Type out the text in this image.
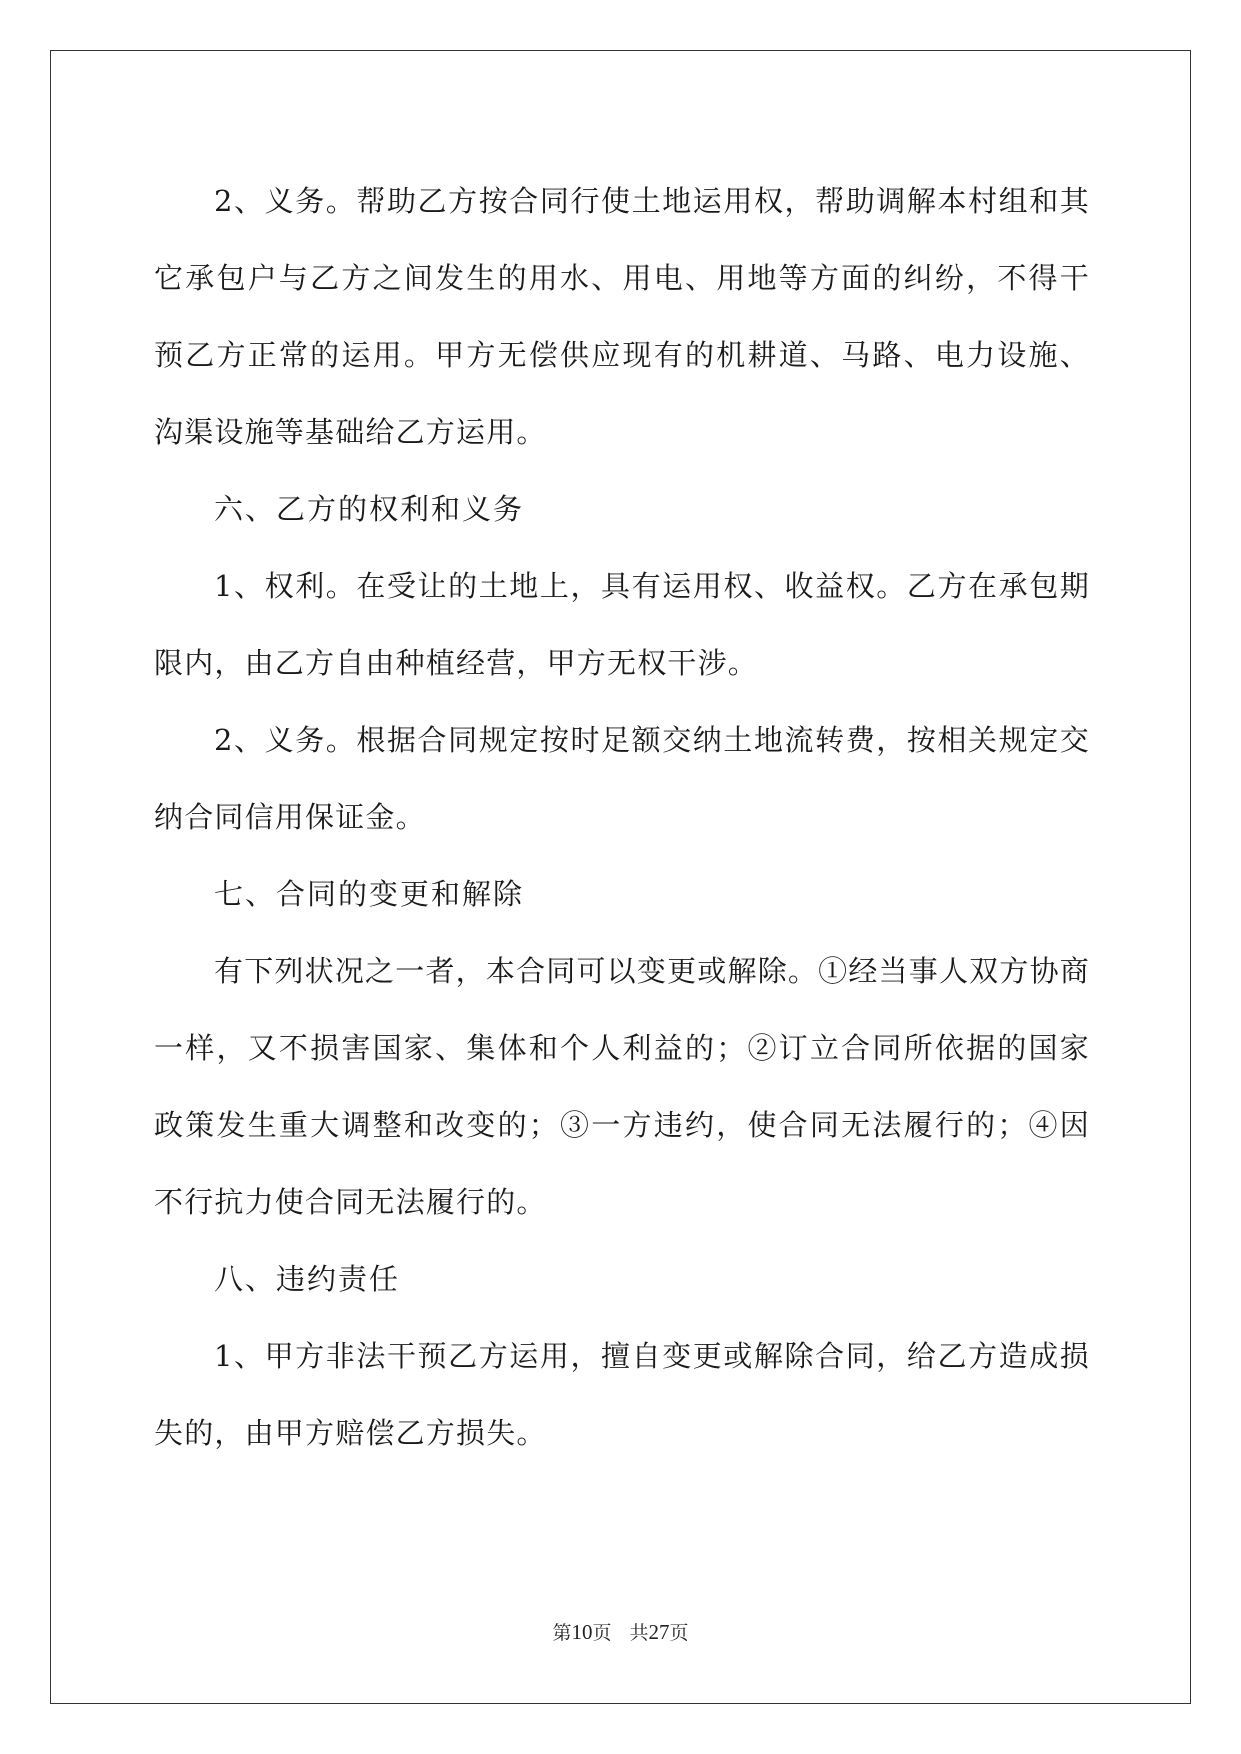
2、义务。帮助乙方按合同行使土地运用权，帮助调解本村组和其它承包户与乙方之间发生的用水、用电、用地等方面的纠纷，不得干预乙方正常的运用。甲方无偿供应现有的机耕道、马路、电力设施、沟渠设施等基础给乙方运用。

六、乙方的权利和义务

1、权利。在受让的土地上，具有运用权、收益权。乙方在承包期限内，由乙方自由种植经营，甲方无权干涉。

2、义务。根据合同规定按时足额交纳土地流转费，按相关规定交纳合同信用保证金。

七、合同的变更和解除

有下列状况之一者，本合同可以变更或解除。①经当事人双方协商一样，又不损害国家、集体和个人利益的；②订立合同所依据的国家政策发生重大调整和改变的；③一方违约，使合同无法履行的；④因不行抗力使合同无法履行的。

八、违约责任

1、甲方非法干预乙方运用，擅自变更或解除合同，给乙方造成损失的，由甲方赔偿乙方损失。

第10页 共27页
